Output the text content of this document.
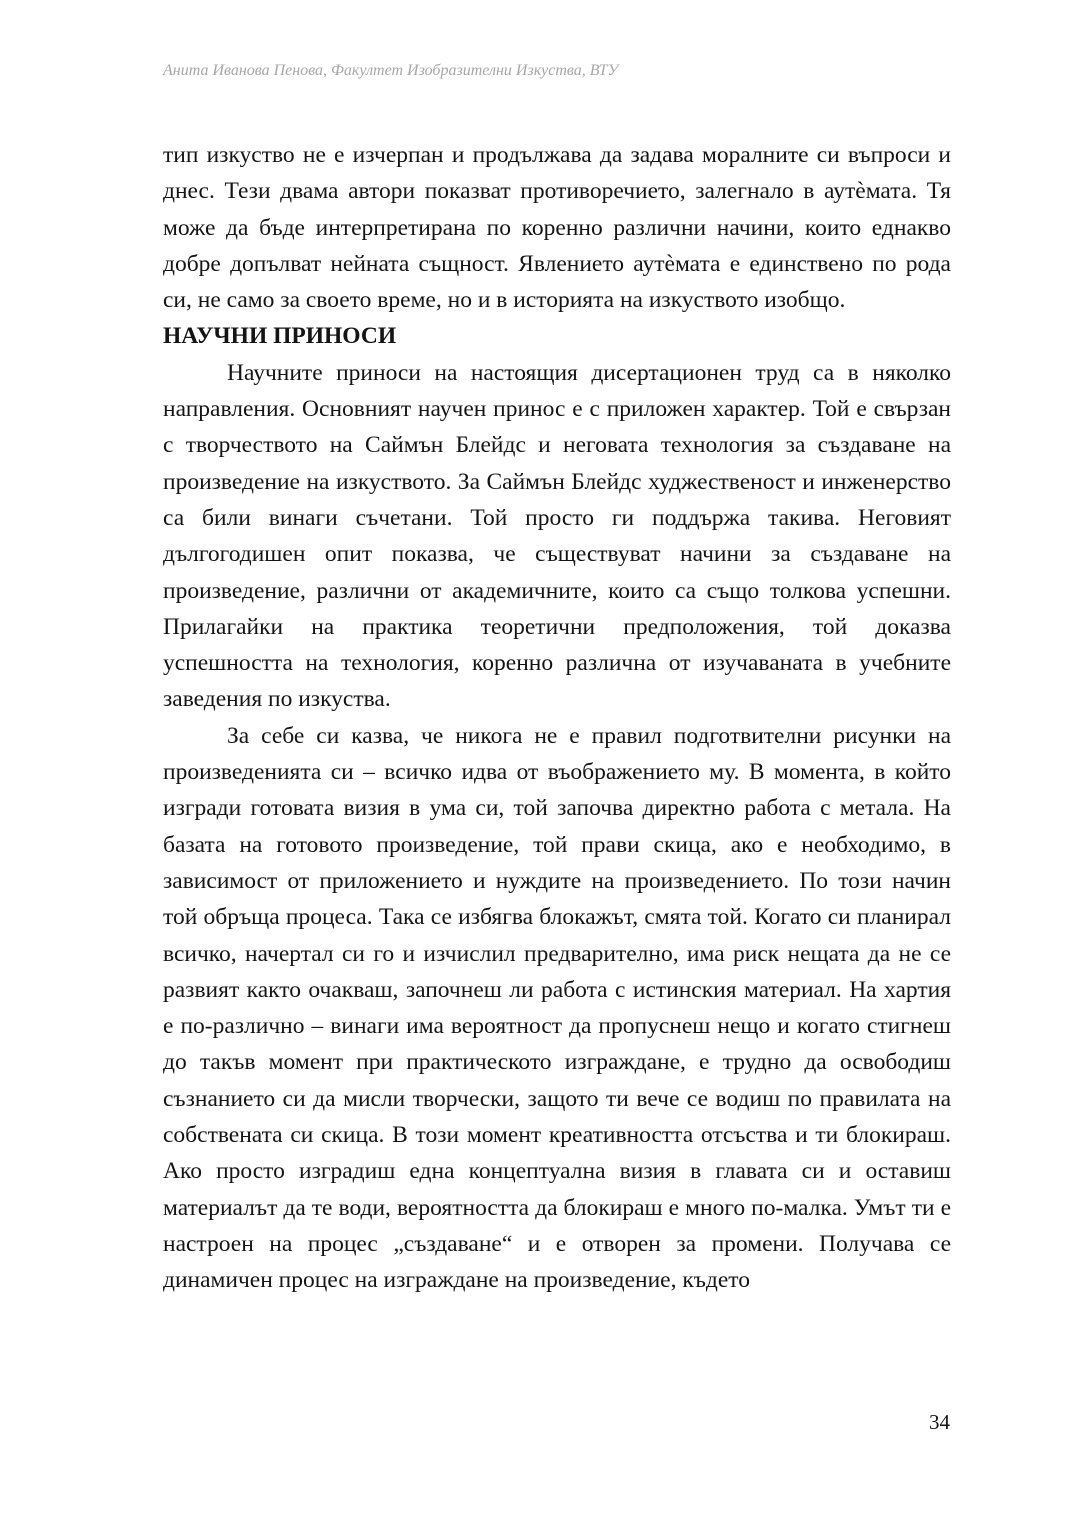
Анита Иванова Пенова, Факултет Изобразителни Изкуства, ВТУ

тип изкуство не е изчерпан и продължава да задава моралните си въпроси и днес. Тези двама автори показват противоречието, залегнало в аутѐмата. Тя може да бъде интерпретирана по коренно различни начини, които еднакво добре допълват нейната същност. Явлението аутѐмата е единствено по рода си, не само за своето време, но и в историята на изкуството изобщо.

НАУЧНИ ПРИНОСИ

Научните приноси на настоящия дисертационен труд са в няколко направления. Основният научен принос е с приложен характер. Той е свързан с творчеството на Саймън Блейдс и неговата технология за създаване на произведение на изкуството. За Саймън Блейдс худжественост и инженерство са били винаги съчетани. Той просто ги поддържа такива. Неговият дългогодишен опит показва, че съществуват начини за създаване на произведение, различни от академичните, които са също толкова успешни. Прилагайки на практика теоретични предположения, той доказва успешността на технология, коренно различна от изучаваната в учебните заведения по изкуства.

За себе си казва, че никога не е правил подготвителни рисунки на произведенията си – всичко идва от въображението му. В момента, в който изгради готовата визия в ума си, той започва директно работа с метала. На базата на готовото произведение, той прави скица, ако е необходимо, в зависимост от приложението и нуждите на произведението. По този начин той обръща процеса. Така се избягва блокажът, смята той. Когато си планирал всичко, начертал си го и изчислил предварително, има риск нещата да не се развият както очакваш, започнеш ли работа с истинския материал. На хартия е по-различно – винаги има вероятност да пропуснеш нещо и когато стигнеш до такъв момент при практическото изграждане, е трудно да освободиш съзнанието си да мисли творчески, защото ти вече се водиш по правилата на собствената си скица. В този момент креативността отсъства и ти блокираш. Ако просто изградиш една концептуална визия в главата си и оставиш материалът да те води, вероятността да блокираш е много по-малка. Умът ти е настроен на процес „създаване“ и е отворен за промени. Получава се динамичен процес на изграждане на произведение, където

34
